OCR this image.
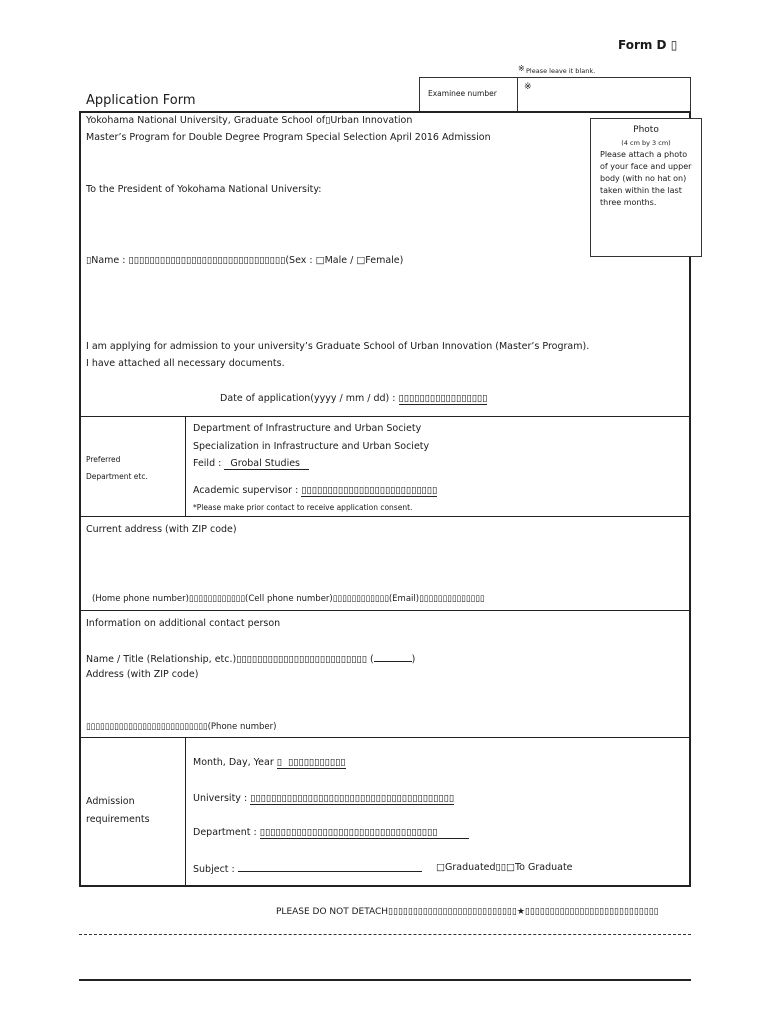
Form D ▯
※ Please leave it blank.
Examinee number
※
Application Form
Photo
(4 cm by 3 cm)
Please attach a photo of your face and upper body (with no hat on) taken within the last three months.
Yokohama National University, Graduate School of▯Urban Innovation
Master’s Program for Double Degree Program Special Selection April 2016 Admission
To the President of Yokohama National University:
▯Name : ▯▯▯▯▯▯▯▯▯▯▯▯▯▯▯▯▯▯▯▯▯▯▯▯▯▯▯▯▯▯(Sex : □Male / □Female)
I am applying for admission to your university’s Graduate School of Urban Innovation (Master’s Program).
I have attached all necessary documents.
Date of application(yyyy / mm / dd) : ▯▯▯▯▯▯▯▯▯▯▯▯▯▯▯▯▯
Preferred
Department etc.
Department of Infrastructure and Urban Society
Specialization in Infrastructure and Urban Society
Feild :   Grobal Studies
Academic supervisor : ▯▯▯▯▯▯▯▯▯▯▯▯▯▯▯▯▯▯▯▯▯▯▯▯▯▯
*Please make prior contact to receive application consent.
Current address (with ZIP code)
(Home phone number)▯▯▯▯▯▯▯▯▯▯▯▯(Cell phone number)▯▯▯▯▯▯▯▯▯▯▯▯(Email)▯▯▯▯▯▯▯▯▯▯▯▯▯▯
Information on additional contact person
Name / Title (Relationship, etc.)▯▯▯▯▯▯▯▯▯▯▯▯▯▯▯▯▯▯▯▯▯▯▯▯▯ (	)
Address (with ZIP code)
▯▯▯▯▯▯▯▯▯▯▯▯▯▯▯▯▯▯▯▯▯▯▯▯▯▯(Phone number)
Admission
requirements
Month, Day, Year ▯  ▯▯▯▯▯▯▯▯▯▯▯
University : ▯▯▯▯▯▯▯▯▯▯▯▯▯▯▯▯▯▯▯▯▯▯▯▯▯▯▯▯▯▯▯▯▯▯▯▯▯▯▯
Department : ▯▯▯▯▯▯▯▯▯▯▯▯▯▯▯▯▯▯▯▯▯▯▯▯▯▯▯▯▯▯▯▯▯▯
Subject :	□Graduated▯▯□To Graduate
PLEASE DO NOT DETACH▯▯▯▯▯▯▯▯▯▯▯▯▯▯▯▯▯▯▯▯▯▯▯▯▯▯★▯▯▯▯▯▯▯▯▯▯▯▯▯▯▯▯▯▯▯▯▯▯▯▯▯▯▯
